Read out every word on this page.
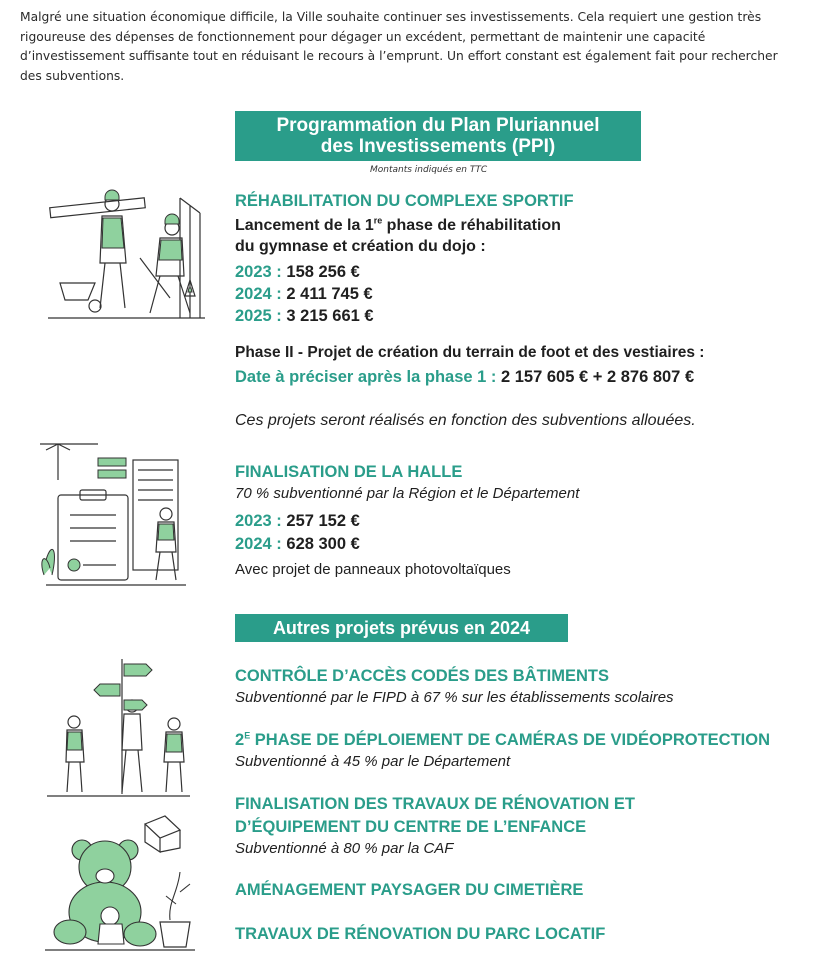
Malgré une situation économique difficile, la Ville souhaite continuer ses investissements. Cela requiert une gestion très rigoureuse des dépenses de fonctionnement pour dégager un excédent, permettant de maintenir une capacité d’investissement suffisante tout en réduisant le recours à l’emprunt. Un effort constant est également fait pour rechercher des subventions.

Programmation du Plan Pluriannuel
des Investissements (PPI)
Montants indiqués en TTC
RÉHABILITATION DU COMPLEXE SPORTIF
Lancement de la 1re phase de réhabilitation
du gymnase et création du dojo :
2023 : 158 256 €
2024 : 2 411 745 €
2025 : 3 215 661 €
Phase II - Projet de création du terrain de foot et des vestiaires :
Date à préciser après la phase 1 : 2 157 605 € + 2 876 807 €
Ces projets seront réalisés en fonction des subventions allouées.
FINALISATION DE LA HALLE
70 % subventionné par la Région et le Département
2023 : 257 152 €
2024 : 628 300 €
Avec projet de panneaux photovoltaïques
Autres projets prévus en 2024
CONTRÔLE D’ACCÈS CODÉS DES BÂTIMENTS
Subventionné par le FIPD à 67 % sur les établissements scolaires
$2^E$ PHASE DE DÉPLOIEMENT DE CAMÉRAS DE VIDÉOPROTECTION
Subventionné à 45 % par le Département
FINALISATION DES TRAVAUX DE RÉNOVATION ET
D’ÉQUIPEMENT DU CENTRE DE L’ENFANCE
Subventionné à 80 % par la CAF
AMÉNAGEMENT PAYSAGER DU CIMETIÈRE
TRAVAUX DE RÉNOVATION DU PARC LOCATIF
